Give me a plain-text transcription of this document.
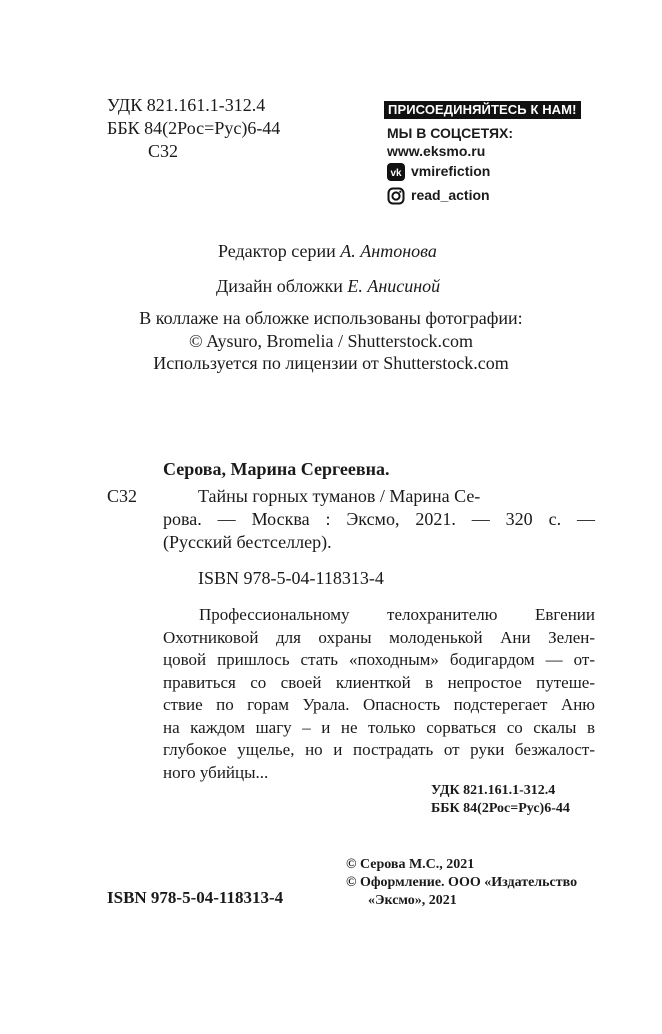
УДК 821.161.1-312.4
ББК 84(2Рос=Рус)6-44
С32
ПРИСОЕДИНЯЙТЕСЬ К НАМ!
МЫ В СОЦСЕТЯХ:
www.eksmo.ru
vk vmirefiction
read_action
Редактор серии А. Антонова
Дизайн обложки Е. Анисиной
В коллаже на обложке использованы фотографии:
© Aysuro, Bromelia / Shutterstock.com
Используется по лицензии от Shutterstock.com
Серова, Марина Сергеевна.
С32	Тайны горных туманов / Марина Се-
рова. — Москва : Эксмо, 2021. — 320 с. —
(Русский бестселлер).
ISBN 978-5-04-118313-4
Профессиональному телохранителю Евгении
Охотниковой для охраны молоденькой Ани Зелен-
цовой пришлось стать «походным» бодигардом — от-
правиться со своей клиенткой в непростое путеше-
ствие по горам Урала. Опасность подстерегает Аню
на каждом шагу – и не только сорваться со скалы в
глубокое ущелье, но и пострадать от руки безжалост-
ного убийцы...
УДК 821.161.1-312.4
ББК 84(2Рос=Рус)6-44
ISBN 978-5-04-118313-4
© Серова М.С., 2021
© Оформление. ООО «Издательство
«Эксмо», 2021
